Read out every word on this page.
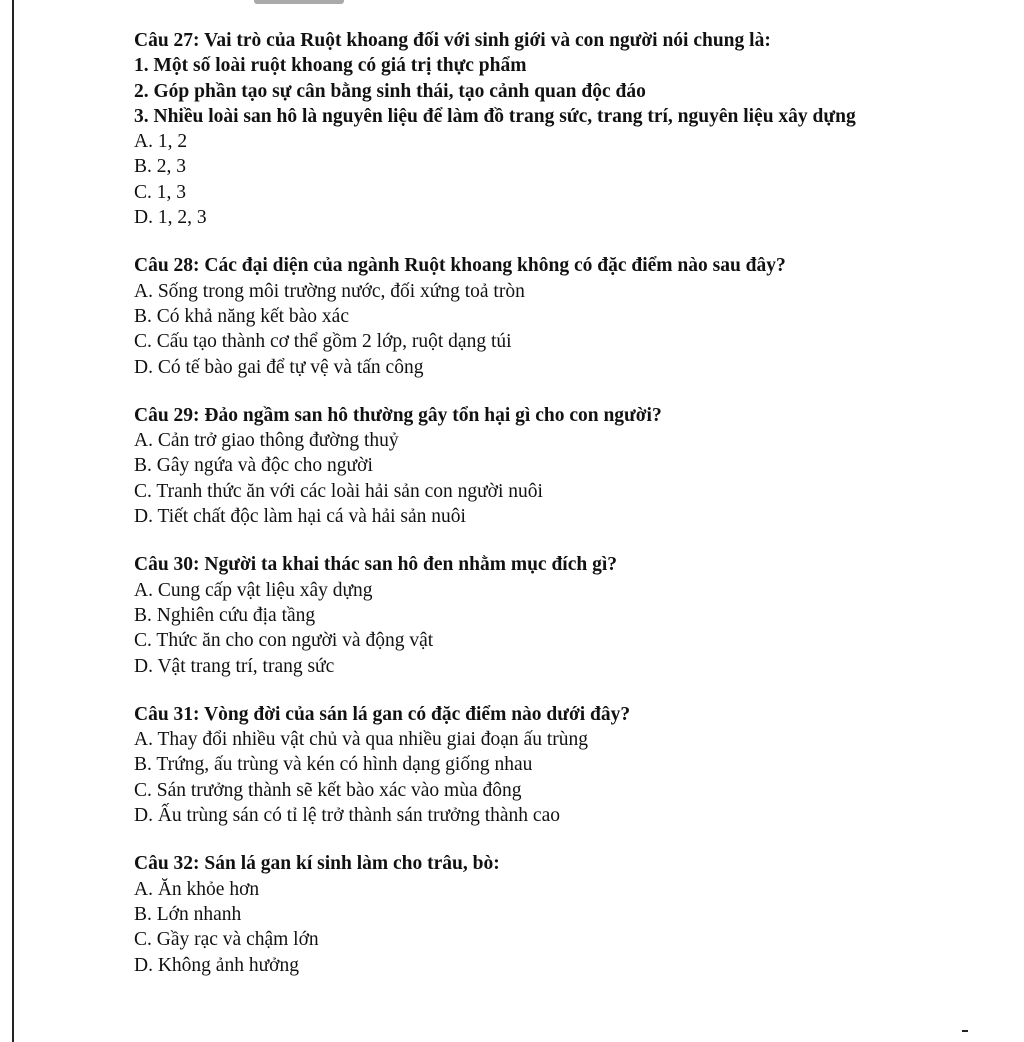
Câu 27: Vai trò của Ruột khoang đối với sinh giới và con người nói chung là:
1. Một số loài ruột khoang có giá trị thực phẩm
2. Góp phần tạo sự cân bằng sinh thái, tạo cảnh quan độc đáo
3. Nhiều loài san hô là nguyên liệu để làm đồ trang sức, trang trí, nguyên liệu xây dựng
A. 1, 2
B. 2, 3
C. 1, 3
D. 1, 2, 3
Câu 28: Các đại diện của ngành Ruột khoang không có đặc điểm nào sau đây?
A. Sống trong môi trường nước, đối xứng toả tròn
B. Có khả năng kết bào xác
C. Cấu tạo thành cơ thể gồm 2 lớp, ruột dạng túi
D. Có tế bào gai để tự vệ và tấn công
Câu 29: Đảo ngầm san hô thường gây tổn hại gì cho con người?
A. Cản trở giao thông đường thuỷ
B. Gây ngứa và độc cho người
C. Tranh thức ăn với các loài hải sản con người nuôi
D. Tiết chất độc làm hại cá và hải sản nuôi
Câu 30: Người ta khai thác san hô đen nhằm mục đích gì?
A. Cung cấp vật liệu xây dựng
B. Nghiên cứu địa tầng
C. Thức ăn cho con người và động vật
D. Vật trang trí, trang sức
Câu 31: Vòng đời của sán lá gan có đặc điểm nào dưới đây?
A. Thay đổi nhiều vật chủ và qua nhiều giai đoạn ấu trùng
B. Trứng, ấu trùng và kén có hình dạng giống nhau
C. Sán trưởng thành sẽ kết bào xác vào mùa đông
D. Ấu trùng sán có tỉ lệ trở thành sán trưởng thành cao
Câu 32: Sán lá gan kí sinh làm cho trâu, bò:
A. Ăn khỏe hơn
B. Lớn nhanh
C. Gầy rạc và chậm lớn
D. Không ảnh hưởng
